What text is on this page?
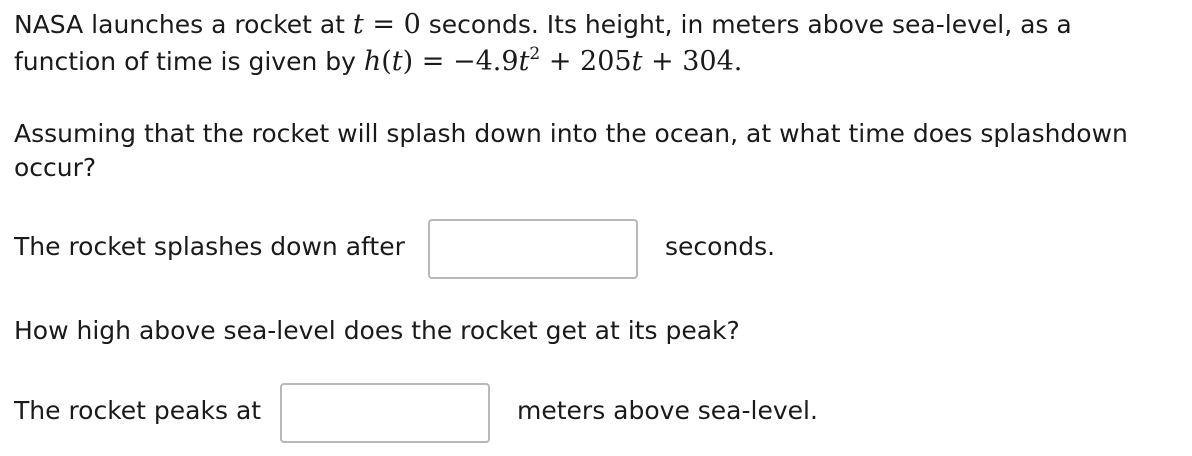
NASA launches a rocket at t = 0 seconds. Its height, in meters above sea-level, as a
function of time is given by $h(t) = -4.9t^2 + 205t + 304$.
Assuming that the rocket will splash down into the ocean, at what time does splashdown
occur?
The rocket splashes down after	seconds.
How high above sea-level does the rocket get at its peak?
The rocket peaks at	meters above sea-level.
